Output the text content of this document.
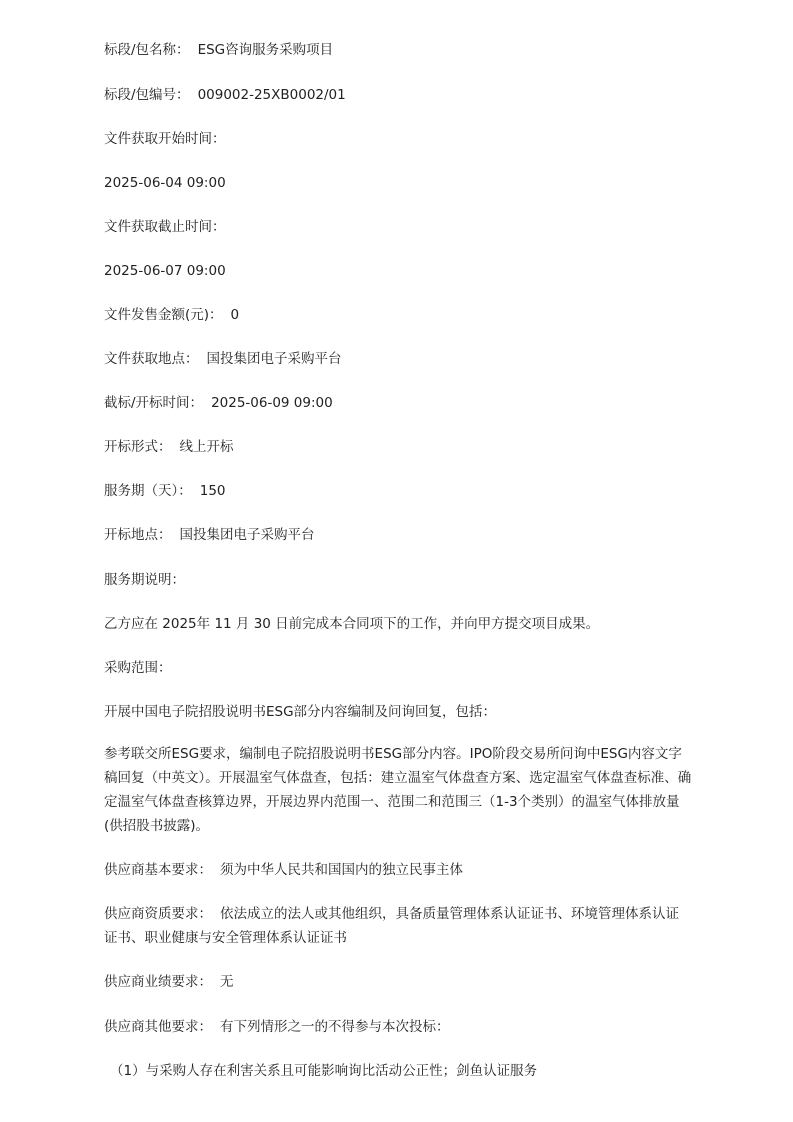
标段/包名称： ESG咨询服务采购项目
标段/包编号： 009002-25XB0002/01
文件获取开始时间：
2025-06-04 09:00
文件获取截止时间：
2025-06-07 09:00
文件发售金额(元)： 0
文件获取地点： 国投集团电子采购平台
截标/开标时间： 2025-06-09 09:00
开标形式： 线上开标
服务期（天）： 150
开标地点： 国投集团电子采购平台
服务期说明：
乙方应在 2025年 11 月 30 日前完成本合同项下的工作，并向甲方提交项目成果。
采购范围：
开展中国电子院招股说明书ESG部分内容编制及问询回复，包括：
参考联交所ESG要求，编制电子院招股说明书ESG部分内容。IPO阶段交易所问询中ESG内容文字稿回复（中英文）。开展温室气体盘查，包括：建立温室气体盘查方案、选定温室气体盘查标准、确定温室气体盘查核算边界，开展边界内范围一、范围二和范围三（1-3个类别）的温室气体排放量(供招股书披露)。
供应商基本要求： 须为中华人民共和国国内的独立民事主体
供应商资质要求： 依法成立的法人或其他组织，具备质量管理体系认证证书、环境管理体系认证证书、职业健康与安全管理体系认证证书
供应商业绩要求： 无
供应商其他要求： 有下列情形之一的不得参与本次投标：
（1）与采购人存在利害关系且可能影响询比活动公正性；剑鱼认证服务
